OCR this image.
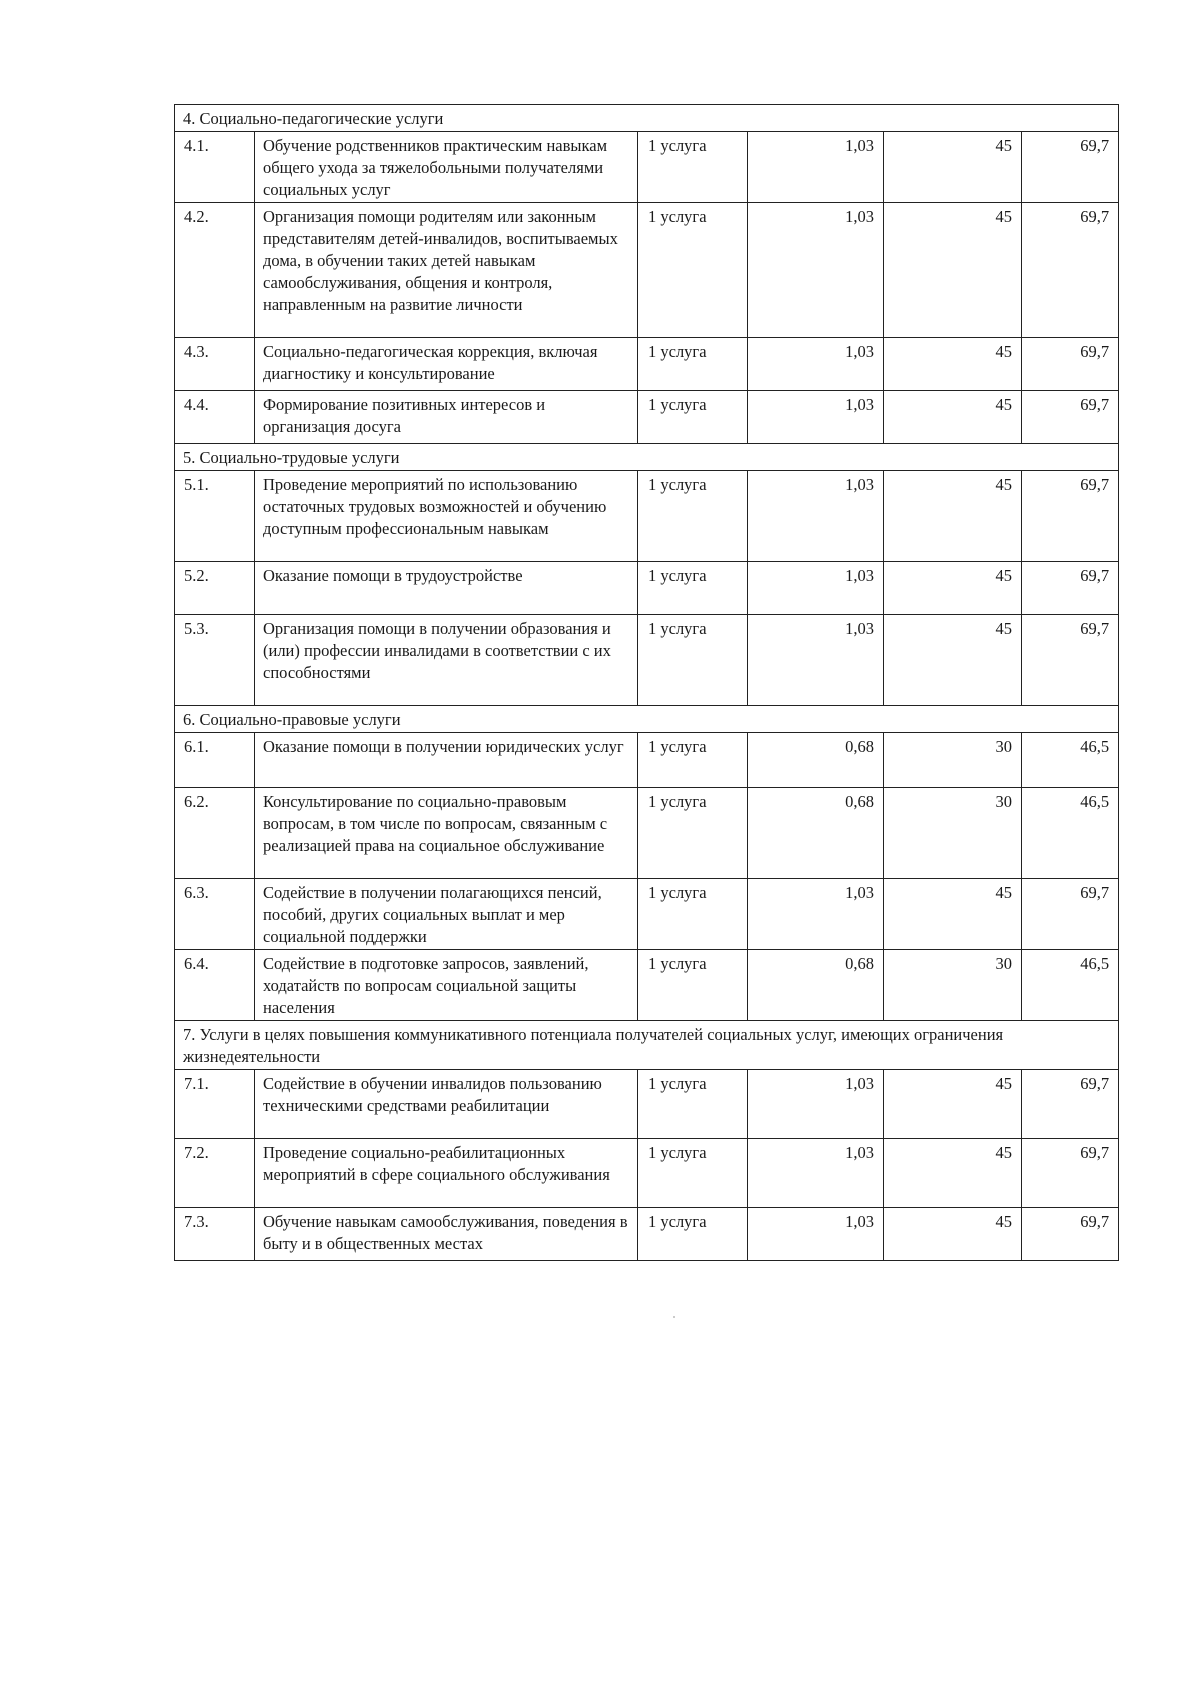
4. Социально-педагогические услуги					
4.1.	Обучение родственников практическим навыкам общего ухода за тяжелобольными получателями социальных услуг	1 услуга	1,03	45	69,7
4.2.	Организация помощи родителям или законным представителям детей-инвалидов, воспитываемых дома, в обучении таких детей навыкам самообслуживания, общения и контроля, направленным на развитие личности	1 услуга	1,03	45	69,7
4.3.	Социально-педагогическая коррекция, включая диагностику и консультирование	1 услуга	1,03	45	69,7
4.4.	Формирование позитивных интересов и организация досуга	1 услуга	1,03	45	69,7
5. Социально-трудовые услуги					
5.1.	Проведение мероприятий по использованию остаточных трудовых возможностей и обучению доступным профессиональным навыкам	1 услуга	1,03	45	69,7
5.2.	Оказание помощи в трудоустройстве	1 услуга	1,03	45	69,7
5.3.	Организация помощи в получении образования и (или) профессии инвалидами в соответствии с их способностями	1 услуга	1,03	45	69,7
6. Социально-правовые услуги					
6.1.	Оказание помощи в получении юридических услуг	1 услуга	0,68	30	46,5
6.2.	Консультирование по социально-правовым вопросам, в том числе по вопросам, связанным с реализацией права на социальное обслуживание	1 услуга	0,68	30	46,5
6.3.	Содействие в получении полагающихся пенсий, пособий, других социальных выплат и мер социальной поддержки	1 услуга	1,03	45	69,7
6.4.	Содействие в подготовке запросов, заявлений, ходатайств по вопросам социальной защиты населения	1 услуга	0,68	30	46,5
7. Услуги в целях повышения коммуникативного потенциала получателей социальных услуг, имеющих ограничения жизнедеятельности					
7.1.	Содействие в обучении инвалидов пользованию техническими средствами реабилитации	1 услуга	1,03	45	69,7
7.2.	Проведение социально-реабилитационных мероприятий в сфере социального обслуживания	1 услуга	1,03	45	69,7
7.3.	Обучение навыкам самообслуживания, поведения в быту и в общественных местах	1 услуга	1,03	45	69,7
